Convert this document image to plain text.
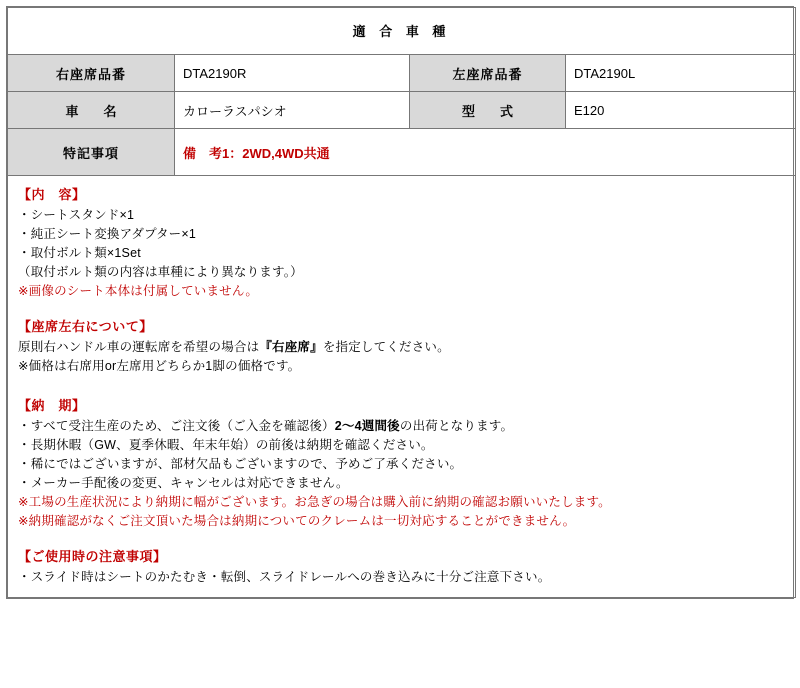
適 合 車 種			
右座席品番	DTA2190R	左座席品番	DTA2190L
車　名	カローラスパシオ	型　式	E120
特記事項	備　考1：2WD,4WD共通		

【内　容】

・シートスタンド×1

・純正シート変換アダプター×1

・取付ボルト類×1Set

（取付ボルト類の内容は車種により異なります。）

※画像のシート本体は付属していません。

【座席左右について】

原則右ハンドル車の運転席を希望の場合は『右座席』を指定してください。

※価格は右席用or左席用どちらか1脚の価格です。

【納　期】

・すべて受注生産のため、ご注文後（ご入金を確認後）2〜4週間後の出荷となります。

・長期休暇（GW、夏季休暇、年末年始）の前後は納期を確認ください。

・稀にではございますが、部材欠品もございますので、予めご了承ください。

・メーカー手配後の変更、キャンセルは対応できません。

※工場の生産状況により納期に幅がございます。お急ぎの場合は購入前に納期の確認お願いいたします。

※納期確認がなくご注文頂いた場合は納期についてのクレームは一切対応することができません。

【ご使用時の注意事項】

・スライド時はシートのかたむき・転倒、スライドレールへの巻き込みに十分ご注意下さい。
